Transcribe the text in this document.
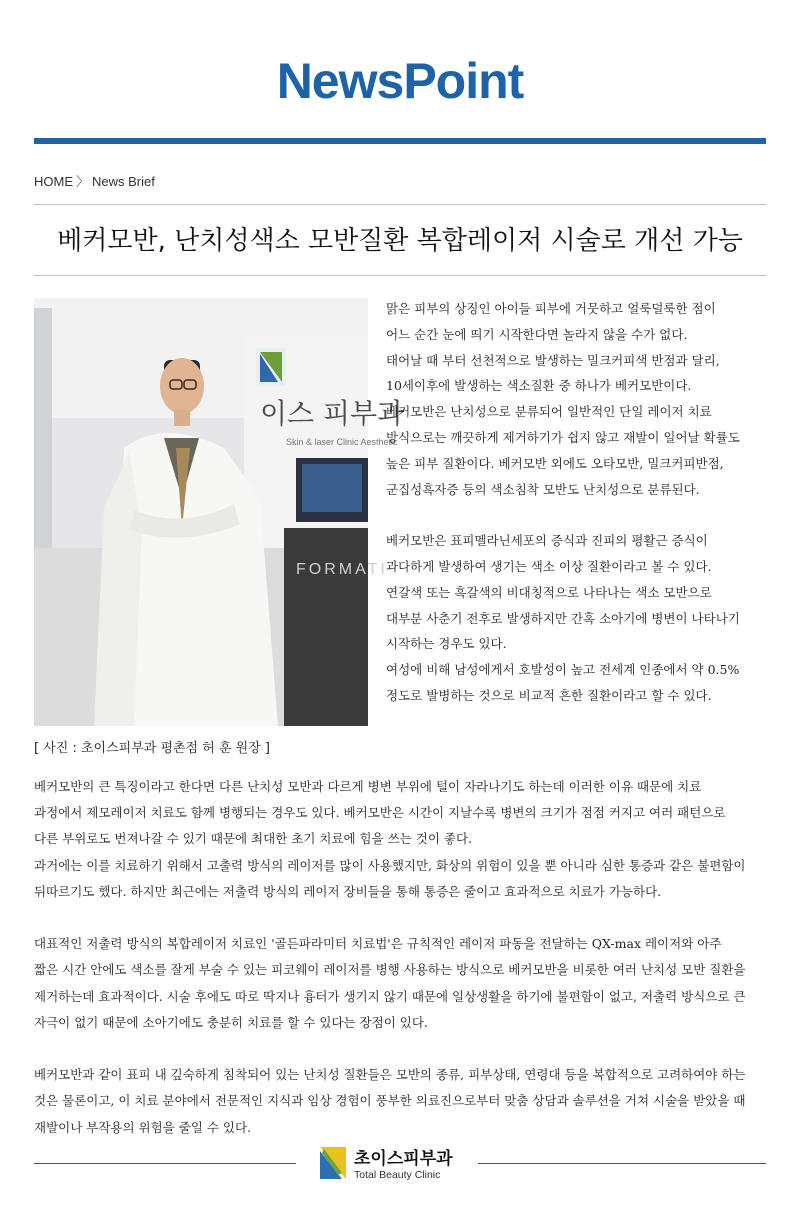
NewsPoint
HOME 〉 News Brief
베커모반, 난치성색소 모반질환 복합레이저 시술로 개선 가능
이스 피부과
Skin & laser Clinic Aesthetic
FORMATI
[ 사진 : 초이스피부과 평촌점 허 훈 원장 ]

맑은 피부의 상징인 아이들 피부에 거뭇하고 얼룩덜룩한 점이

어느 순간 눈에 띄기 시작한다면 놀라지 않을 수가 없다.

태어날 때 부터 선천적으로 발생하는 밀크커피색 반점과 달리,

10세이후에 발생하는 색소질환 중 하나가 베커모반이다.

베커모반은 난치성으로 분류되어 일반적인 단일 레이저 치료

방식으로는 깨끗하게 제거하기가 쉽지 않고 재발이 일어날 확률도

높은 피부 질환이다. 베커모반 외에도 오타모반, 밀크커피반점,

군집성흑자증 등의 색소침착 모반도 난치성으로 분류된다.

베커모반은 표피멜라닌세포의 증식과 진피의 평활근 증식이

과다하게 발생하여 생기는 색소 이상 질환이라고 볼 수 있다.

연갈색 또는 흑갈색의 비대칭적으로 나타나는 색소 모반으로

대부분 사춘기 전후로 발생하지만 간혹 소아기에 병변이 나타나기

시작하는 경우도 있다.

여성에 비해 남성에게서 호발성이 높고 전세계 인종에서 약 0.5%

정도로 발병하는 것으로 비교적 흔한 질환이라고 할 수 있다.

베커모반의 큰 특징이라고 한다면 다른 난치성 모반과 다르게 병변 부위에 털이 자라나기도 하는데 이러한 이유 때문에 치료

과정에서 제모레이저 치료도 함께 병행되는 경우도 있다. 베커모반은 시간이 지날수록 병변의 크기가 점점 커지고 여러 패턴으로

다른 부위로도 번져나갈 수 있기 때문에 최대한 초기 치료에 힘을 쓰는 것이 좋다.

과거에는 이를 치료하기 위해서 고출력 방식의 레이저를 많이 사용했지만, 화상의 위험이 있을 뿐 아니라 심한 통증과 같은 불편함이

뒤따르기도 했다. 하지만 최근에는 저출력 방식의 레이저 장비들을 통해 통증은 줄이고 효과적으로 치료가 가능하다.

대표적인 저출력 방식의 복합레이저 치료인 '골든파라미터 치료법'은 규칙적인 레이저 파동을 전달하는 QX-max 레이저와 아주

짧은 시간 안에도 색소를 잘게 부술 수 있는 피코웨이 레이저를 병행 사용하는 방식으로 베커모반을 비롯한 여러 난치성 모반 질환을

제거하는데 효과적이다. 시술 후에도 따로 딱지나 흉터가 생기지 않기 때문에 일상생활을 하기에 불편함이 없고, 저출력 방식으로 큰

자극이 없기 때문에 소아기에도 충분히 치료를 할 수 있다는 장점이 있다.

베커모반과 같이 표피 내 깊숙하게 침착되어 있는 난치성 질환들은 모반의 종류, 피부상태, 연령대 등을 복합적으로 고려하여야 하는

것은 물론이고, 이 치료 분야에서 전문적인 지식과 임상 경험이 풍부한 의료진으로부터 맞춤 상담과 솔루션을 거쳐 시술을 받았을 때

재발이나 부작용의 위험을 줄일 수 있다.

초이스피부과
Total Beauty Clinic
